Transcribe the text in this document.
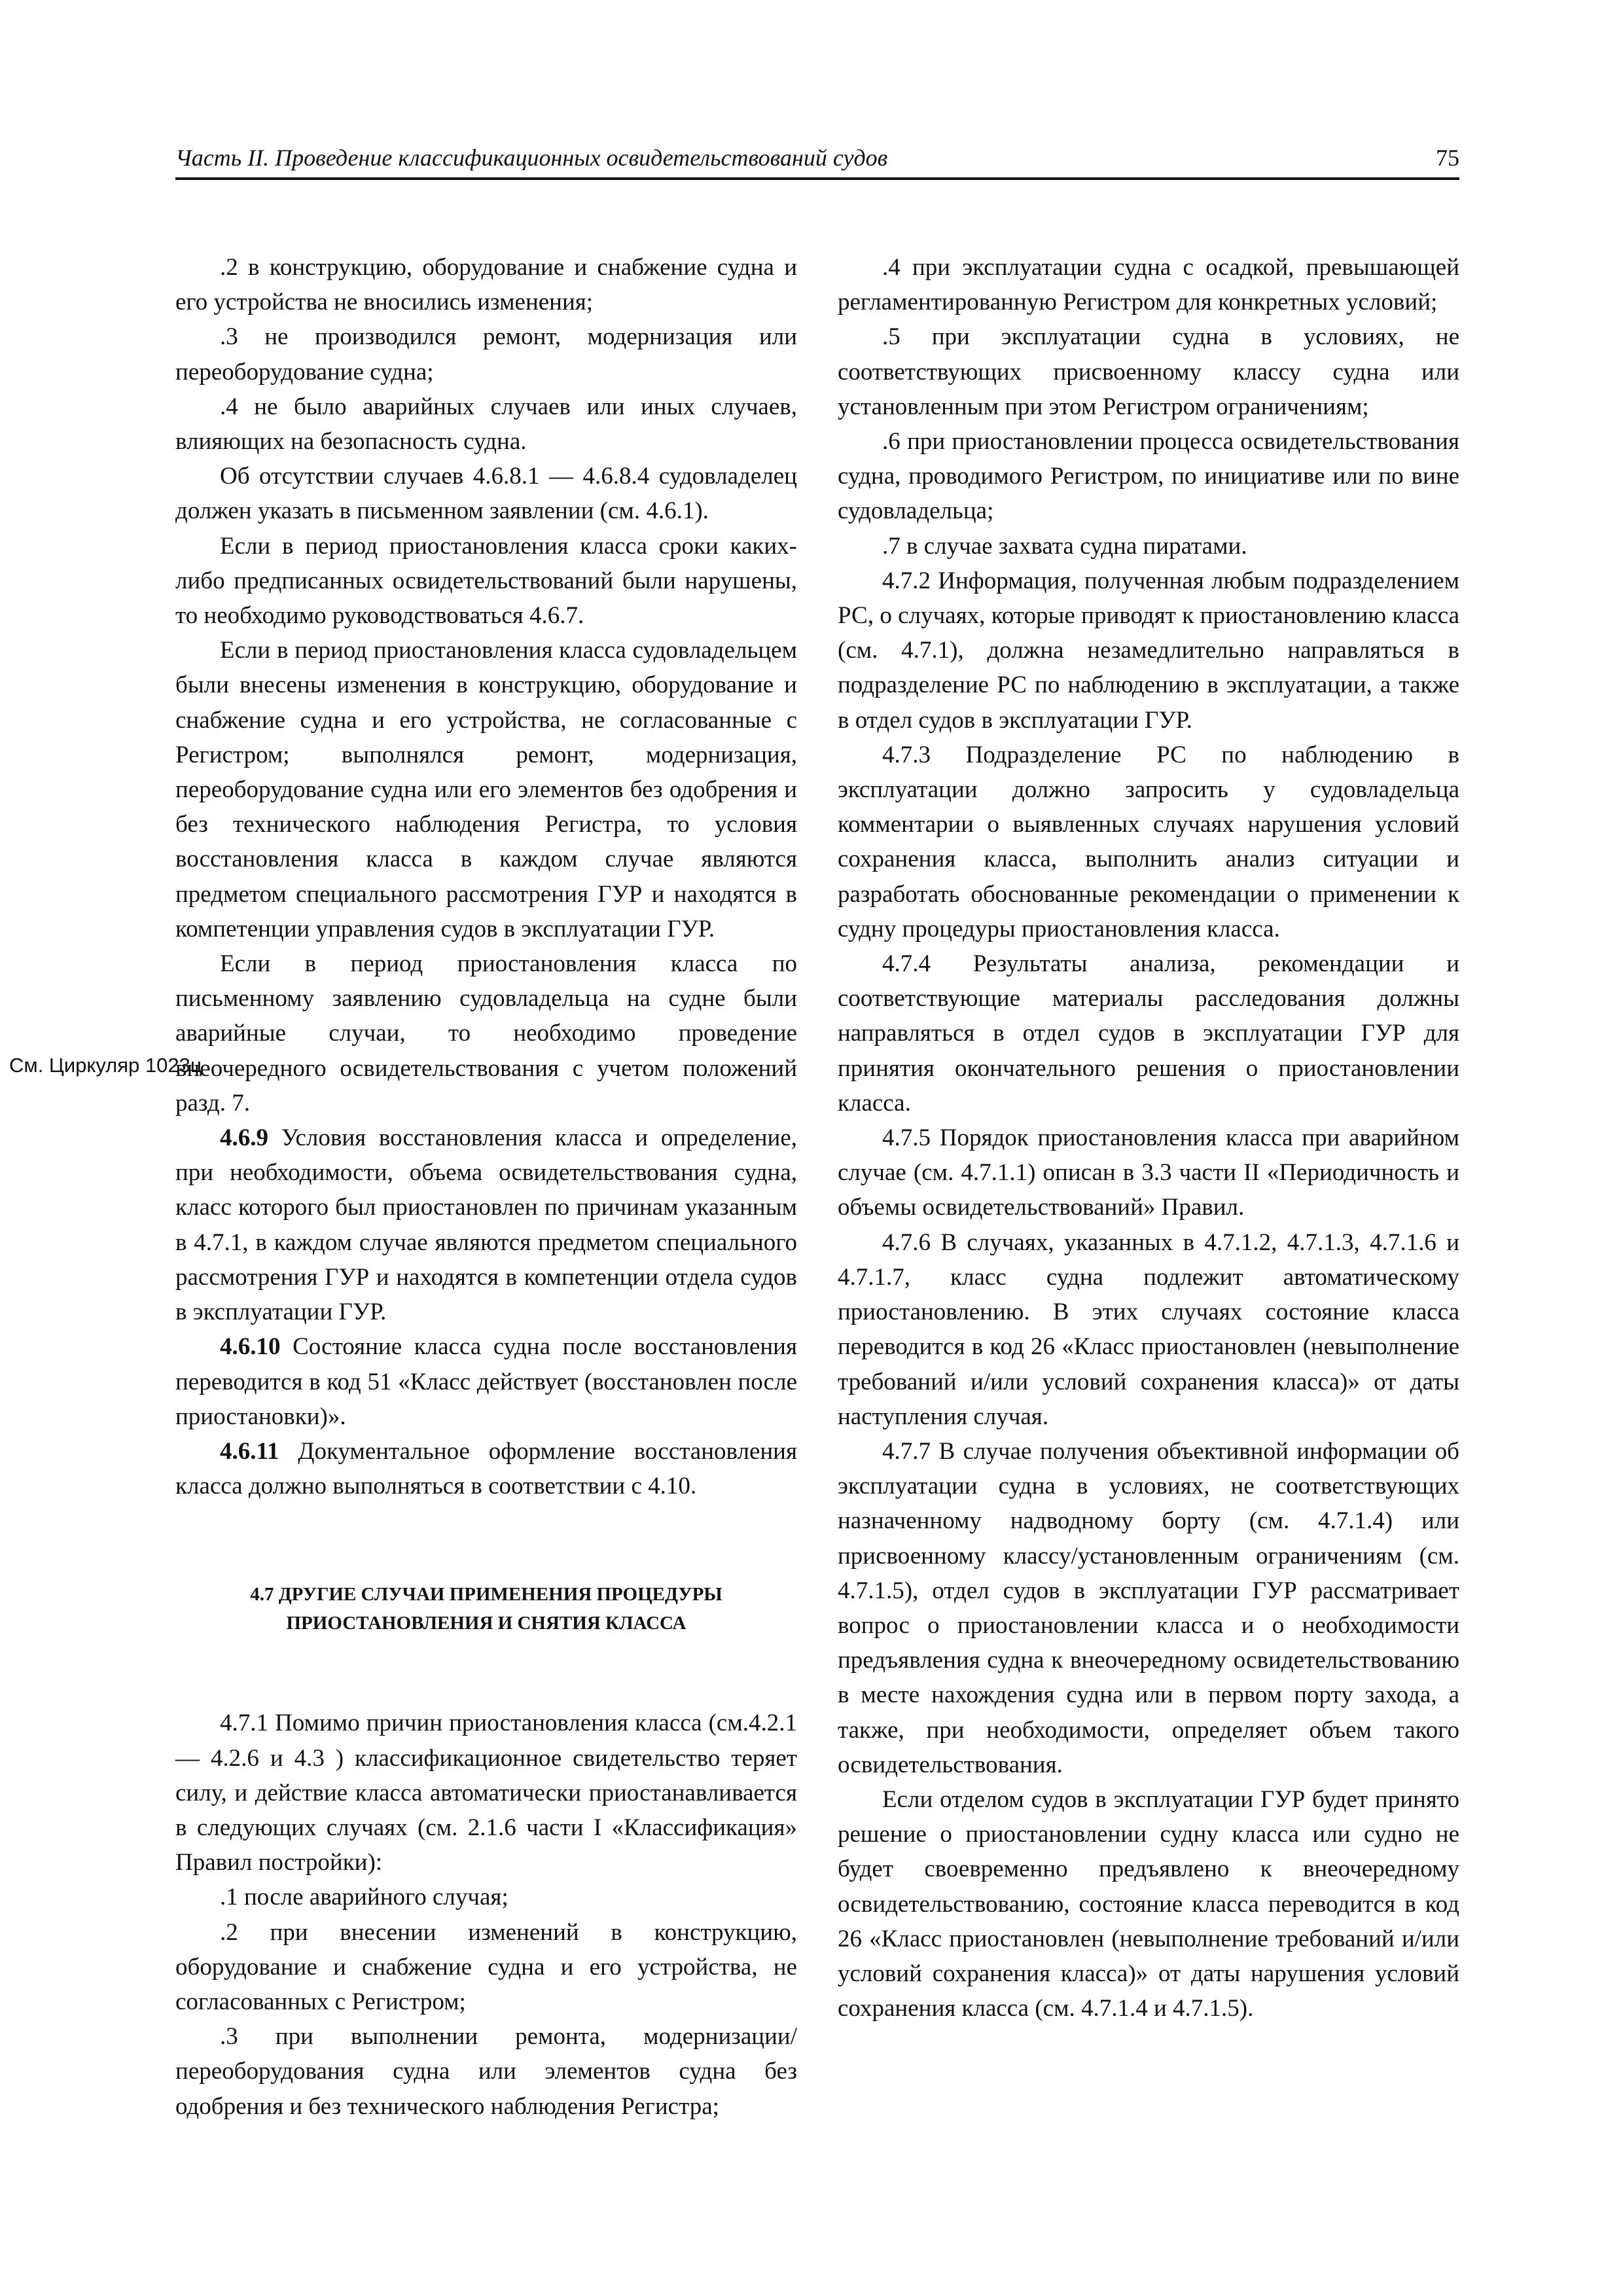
Часть II. Проведение классификационных освидетельствований судов	75
См. Циркуляр 1023ц

.2 в конструкцию, оборудование и снабжение судна и его устройства не вносились изменения;

.3 не производился ремонт, модернизация или переоборудование судна;

.4 не было аварийных случаев или иных случаев, влияющих на безопасность судна.

Об отсутствии случаев 4.6.8.1 — 4.6.8.4 судовладелец должен указать в письменном заявлении (см. 4.6.1).

Если в период приостановления класса сроки каких-либо предписанных освидетельствований были нарушены, то необходимо руководствоваться 4.6.7.

Если в период приостановления класса судовладельцем были внесены изменения в конструкцию, оборудование и снабжение судна и его устройства, не согласованные с Регистром; выполнялся ремонт, модернизация, переоборудование судна или его элементов без одобрения и без технического наблюдения Регистра, то условия восстановления класса в каждом случае являются предметом специального рассмотрения ГУР и находятся в компетенции управления судов в эксплуатации ГУР.

Если в период приостановления класса по письменному заявлению судовладельца на судне были аварийные случаи, то необходимо проведение внеочередного освидетельствования с учетом положений разд. 7.

4.6.9 Условия восстановления класса и определение, при необходимости, объема освидетельствования судна, класс которого был приостановлен по причинам указанным в 4.7.1, в каждом случае являются предметом специального рассмотрения ГУР и находятся в компетенции отдела судов в эксплуатации ГУР.

4.6.10 Состояние класса судна после восстановления переводится в код 51 «Класс действует (восстановлен после приостановки)».

4.6.11 Документальное оформление восстановления класса должно выполняться в соответствии с 4.10.

4.7 ДРУГИЕ СЛУЧАИ ПРИМЕНЕНИЯ ПРОЦЕДУРЫ
ПРИОСТАНОВЛЕНИЯ И СНЯТИЯ КЛАССА

4.7.1 Помимо причин приостановления класса (см.4.2.1 — 4.2.6 и 4.3 ) классификационное свидетельство теряет силу, и действие класса автоматически приостанавливается в следующих случаях (см. 2.1.6 части I «Классификация» Правил постройки):

.1 после аварийного случая;

.2 при внесении изменений в конструкцию, оборудование и снабжение судна и его устройства, не согласованных с Регистром;

.3 при выполнении ремонта, модернизации/переоборудования судна или элементов судна без одобрения и без технического наблюдения Регистра;

.4 при эксплуатации судна с осадкой, превышающей регламентированную Регистром для конкретных условий;

.5 при эксплуатации судна в условиях, не соответствующих присвоенному классу судна или установленным при этом Регистром ограничениям;

.6 при приостановлении процесса освидетельствования судна, проводимого Регистром, по инициативе или по вине судовладельца;

.7 в случае захвата судна пиратами.

4.7.2 Информация, полученная любым подразделением РС, о случаях, которые приводят к приостановлению класса (см. 4.7.1), должна незамедлительно направляться в подразделение РС по наблюдению в эксплуатации, а также в отдел судов в эксплуатации ГУР.

4.7.3 Подразделение РС по наблюдению в эксплуатации должно запросить у судовладельца комментарии о выявленных случаях нарушения условий сохранения класса, выполнить анализ ситуации и разработать обоснованные рекомендации о применении к судну процедуры приостановления класса.

4.7.4 Результаты анализа, рекомендации и соответствующие материалы расследования должны направляться в отдел судов в эксплуатации ГУР для принятия окончательного решения о приостановлении класса.

4.7.5 Порядок приостановления класса при аварийном случае (см. 4.7.1.1) описан в 3.3 части II «Периодичность и объемы освидетельствований» Правил.

4.7.6 В случаях, указанных в 4.7.1.2, 4.7.1.3, 4.7.1.6 и 4.7.1.7, класс судна подлежит автоматическому приостановлению. В этих случаях состояние класса переводится в код 26 «Класс приостановлен (невыполнение требований и/или условий сохранения класса)» от даты наступления случая.

4.7.7 В случае получения объективной информации об эксплуатации судна в условиях, не соответствующих назначенному надводному борту (см. 4.7.1.4) или присвоенному классу/установленным ограничениям (см. 4.7.1.5), отдел судов в эксплуатации ГУР рассматривает вопрос о приостановлении класса и о необходимости предъявления судна к внеочередному освидетельствованию в месте нахождения судна или в первом порту захода, а также, при необходимости, определяет объем такого освидетельствования.

Если отделом судов в эксплуатации ГУР будет принято решение о приостановлении судну класса или судно не будет своевременно предъявлено к внеочередному освидетельствованию, состояние класса переводится в код 26 «Класс приостановлен (невыполнение требований и/или условий сохранения класса)» от даты нарушения условий сохранения класса (см. 4.7.1.4 и 4.7.1.5).
